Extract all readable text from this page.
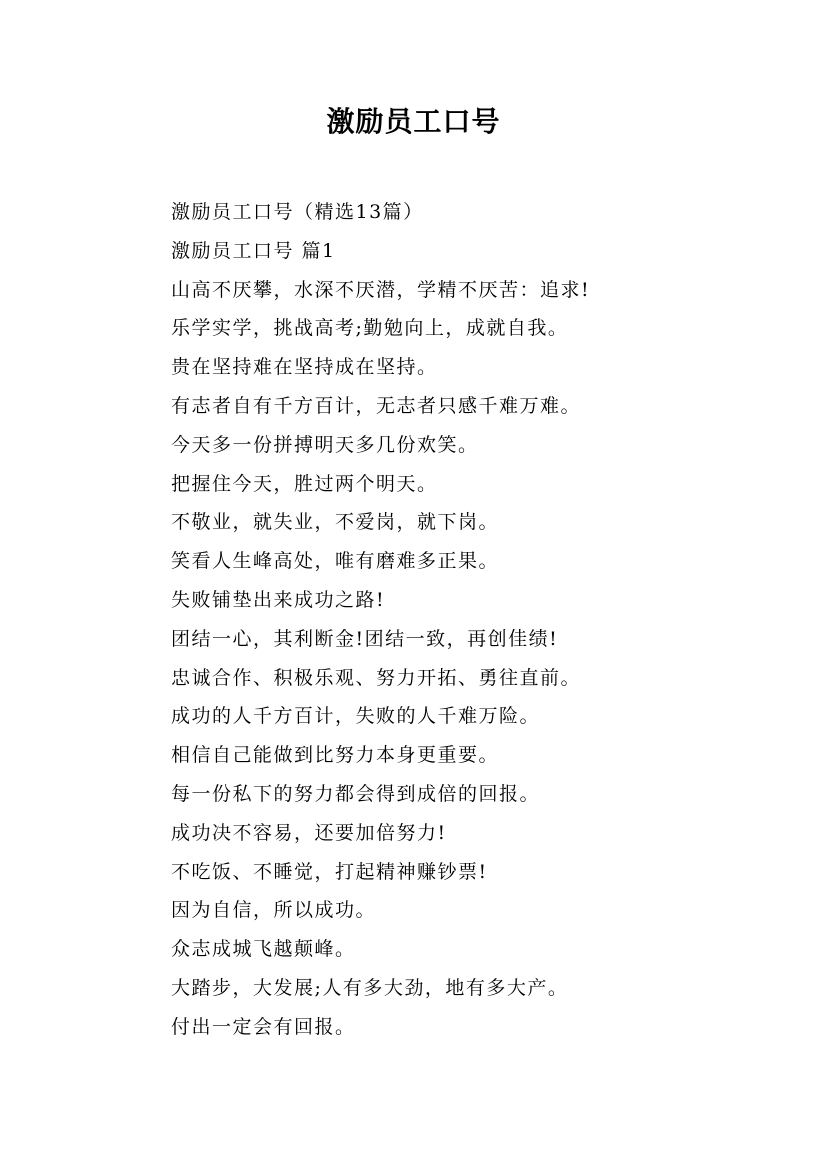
激励员工口号
激励员工口号（精选13篇）
激励员工口号 篇1
山高不厌攀，水深不厌潜，学精不厌苦：追求!
乐学实学，挑战高考;勤勉向上，成就自我。
贵在坚持难在坚持成在坚持。
有志者自有千方百计，无志者只感千难万难。
今天多一份拼搏明天多几份欢笑。
把握住今天，胜过两个明天。
不敬业，就失业，不爱岗，就下岗。
笑看人生峰高处，唯有磨难多正果。
失败铺垫出来成功之路!
团结一心，其利断金!团结一致，再创佳绩!
忠诚合作、积极乐观、努力开拓、勇往直前。
成功的人千方百计，失败的人千难万险。
相信自己能做到比努力本身更重要。
每一份私下的努力都会得到成倍的回报。
成功决不容易，还要加倍努力!
不吃饭、不睡觉，打起精神赚钞票!
因为自信，所以成功。
众志成城飞越颠峰。
大踏步，大发展;人有多大劲，地有多大产。
付出一定会有回报。
